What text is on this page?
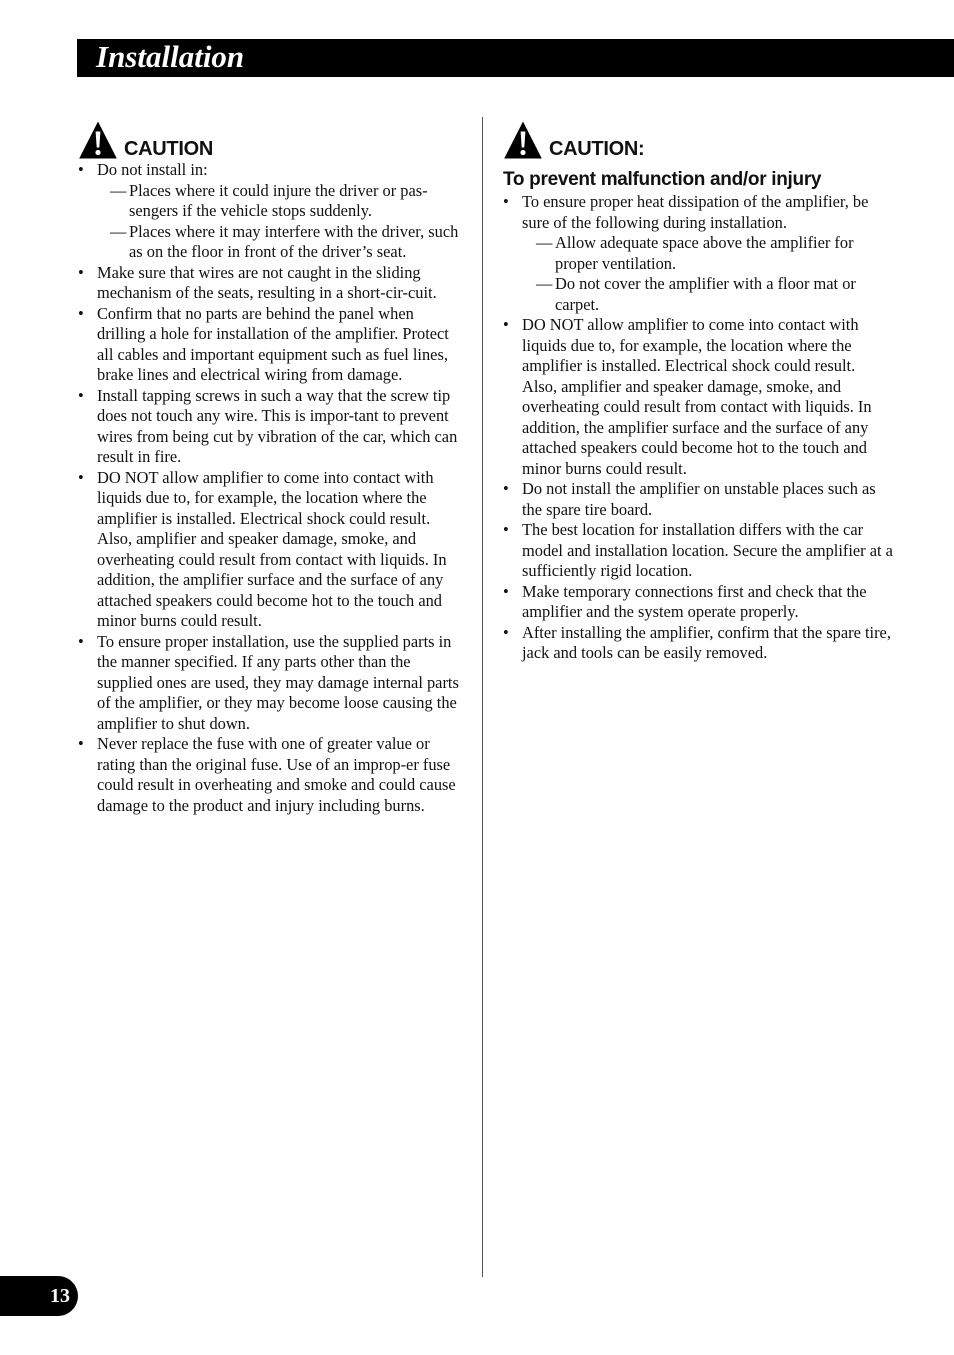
Installation
CAUTION
• Do not install in:
— Places where it could injure the driver or pas-sengers if the vehicle stops suddenly.
— Places where it may interfere with the driver, such as on the floor in front of the driver’s seat.
• Make sure that wires are not caught in the sliding mechanism of the seats, resulting in a short-cir-cuit.
• Confirm that no parts are behind the panel when drilling a hole for installation of the amplifier. Protect all cables and important equipment such as fuel lines, brake lines and electrical wiring from damage.
• Install tapping screws in such a way that the screw tip does not touch any wire. This is impor-tant to prevent wires from being cut by vibration of the car, which can result in fire.
• DO NOT allow amplifier to come into contact with liquids due to, for example, the location where the amplifier is installed. Electrical shock could result. Also, amplifier and speaker damage, smoke, and overheating could result from contact with liquids. In addition, the amplifier surface and the surface of any attached speakers could become hot to the touch and minor burns could result.
• To ensure proper installation, use the supplied parts in the manner specified. If any parts other than the supplied ones are used, they may damage internal parts of the amplifier, or they may become loose causing the amplifier to shut down.
• Never replace the fuse with one of greater value or rating than the original fuse. Use of an improp-er fuse could result in overheating and smoke and could cause damage to the product and injury including burns.
CAUTION:
To prevent malfunction and/or injury
• To ensure proper heat dissipation of the amplifier, be sure of the following during installation.
— Allow adequate space above the amplifier for proper ventilation.
— Do not cover the amplifier with a floor mat or carpet.
• DO NOT allow amplifier to come into contact with liquids due to, for example, the location where the amplifier is installed. Electrical shock could result. Also, amplifier and speaker damage, smoke, and overheating could result from contact with liquids. In addition, the amplifier surface and the surface of any attached speakers could become hot to the touch and minor burns could result.
• Do not install the amplifier on unstable places such as the spare tire board.
• The best location for installation differs with the car model and installation location. Secure the amplifier at a sufficiently rigid location.
• Make temporary connections first and check that the amplifier and the system operate properly.
• After installing the amplifier, confirm that the spare tire, jack and tools can be easily removed.
13
